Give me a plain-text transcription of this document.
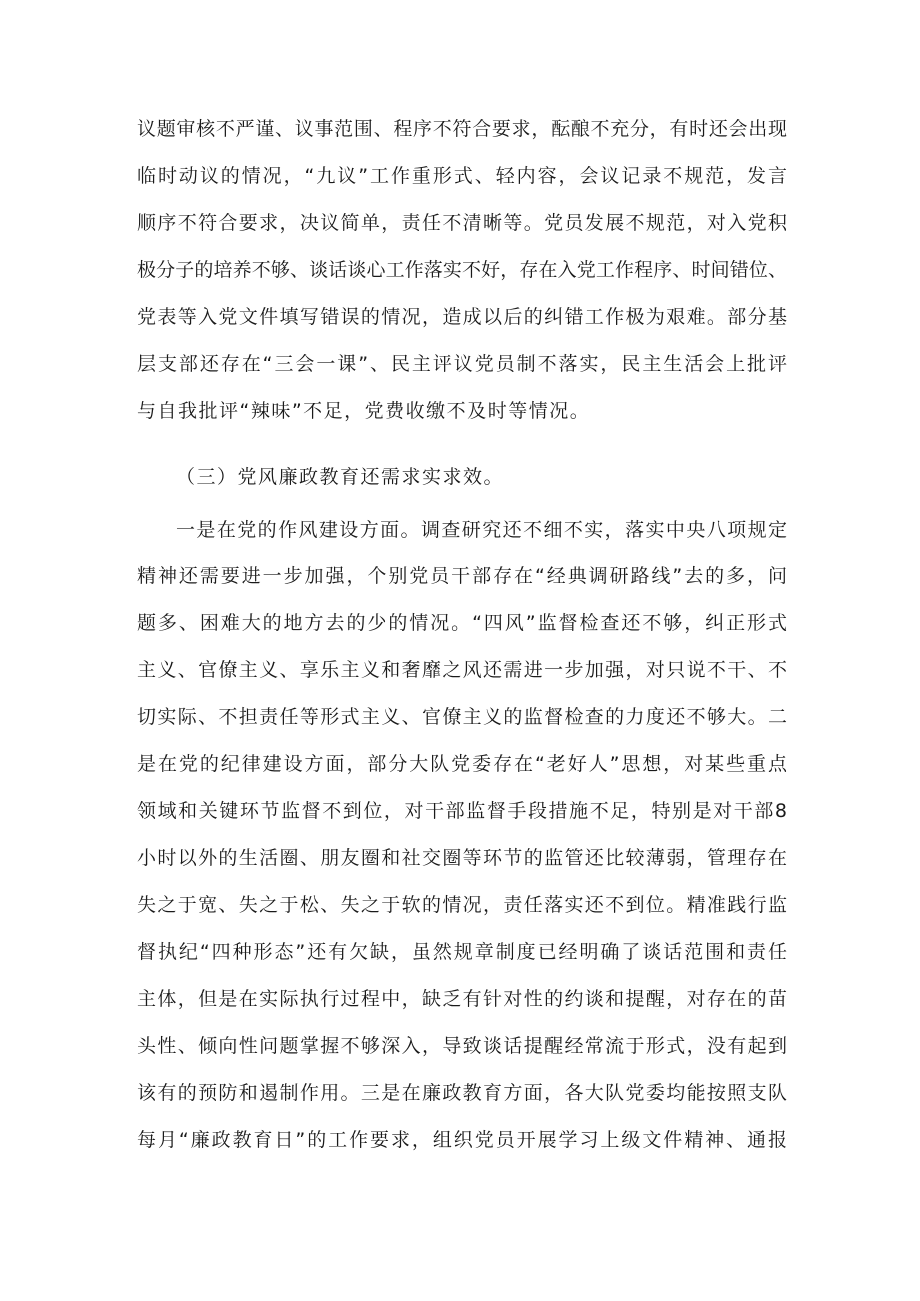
议题审核不严谨、议事范围、程序不符合要求，酝酿不充分，有时还会出现
临时动议的情况，“九议”工作重形式、轻内容，会议记录不规范，发言
顺序不符合要求，决议简单，责任不清晰等。党员发展不规范，对入党积
极分子的培养不够、谈话谈心工作落实不好，存在入党工作程序、时间错位、
党表等入党文件填写错误的情况，造成以后的纠错工作极为艰难。部分基
层支部还存在“三会一课”、民主评议党员制不落实，民主生活会上批评
与自我批评“辣味”不足，党费收缴不及时等情况。
（三）党风廉政教育还需求实求效。
一是在党的作风建设方面。调查研究还不细不实，落实中央八项规定
精神还需要进一步加强，个别党员干部存在“经典调研路线”去的多，问
题多、困难大的地方去的少的情况。“四风”监督检查还不够，纠正形式
主义、官僚主义、享乐主义和奢靡之风还需进一步加强，对只说不干、不
切实际、不担责任等形式主义、官僚主义的监督检查的力度还不够大。二
是在党的纪律建设方面，部分大队党委存在“老好人”思想，对某些重点
领域和关键环节监督不到位，对干部监督手段措施不足，特别是对干部8
小时以外的生活圈、朋友圈和社交圈等环节的监管还比较薄弱，管理存在
失之于宽、失之于松、失之于软的情况，责任落实还不到位。精准践行监
督执纪“四种形态”还有欠缺，虽然规章制度已经明确了谈话范围和责任
主体，但是在实际执行过程中，缺乏有针对性的约谈和提醒，对存在的苗
头性、倾向性问题掌握不够深入，导致谈话提醒经常流于形式，没有起到
该有的预防和遏制作用。三是在廉政教育方面，各大队党委均能按照支队
每月“廉政教育日”的工作要求，组织党员开展学习上级文件精神、通报
